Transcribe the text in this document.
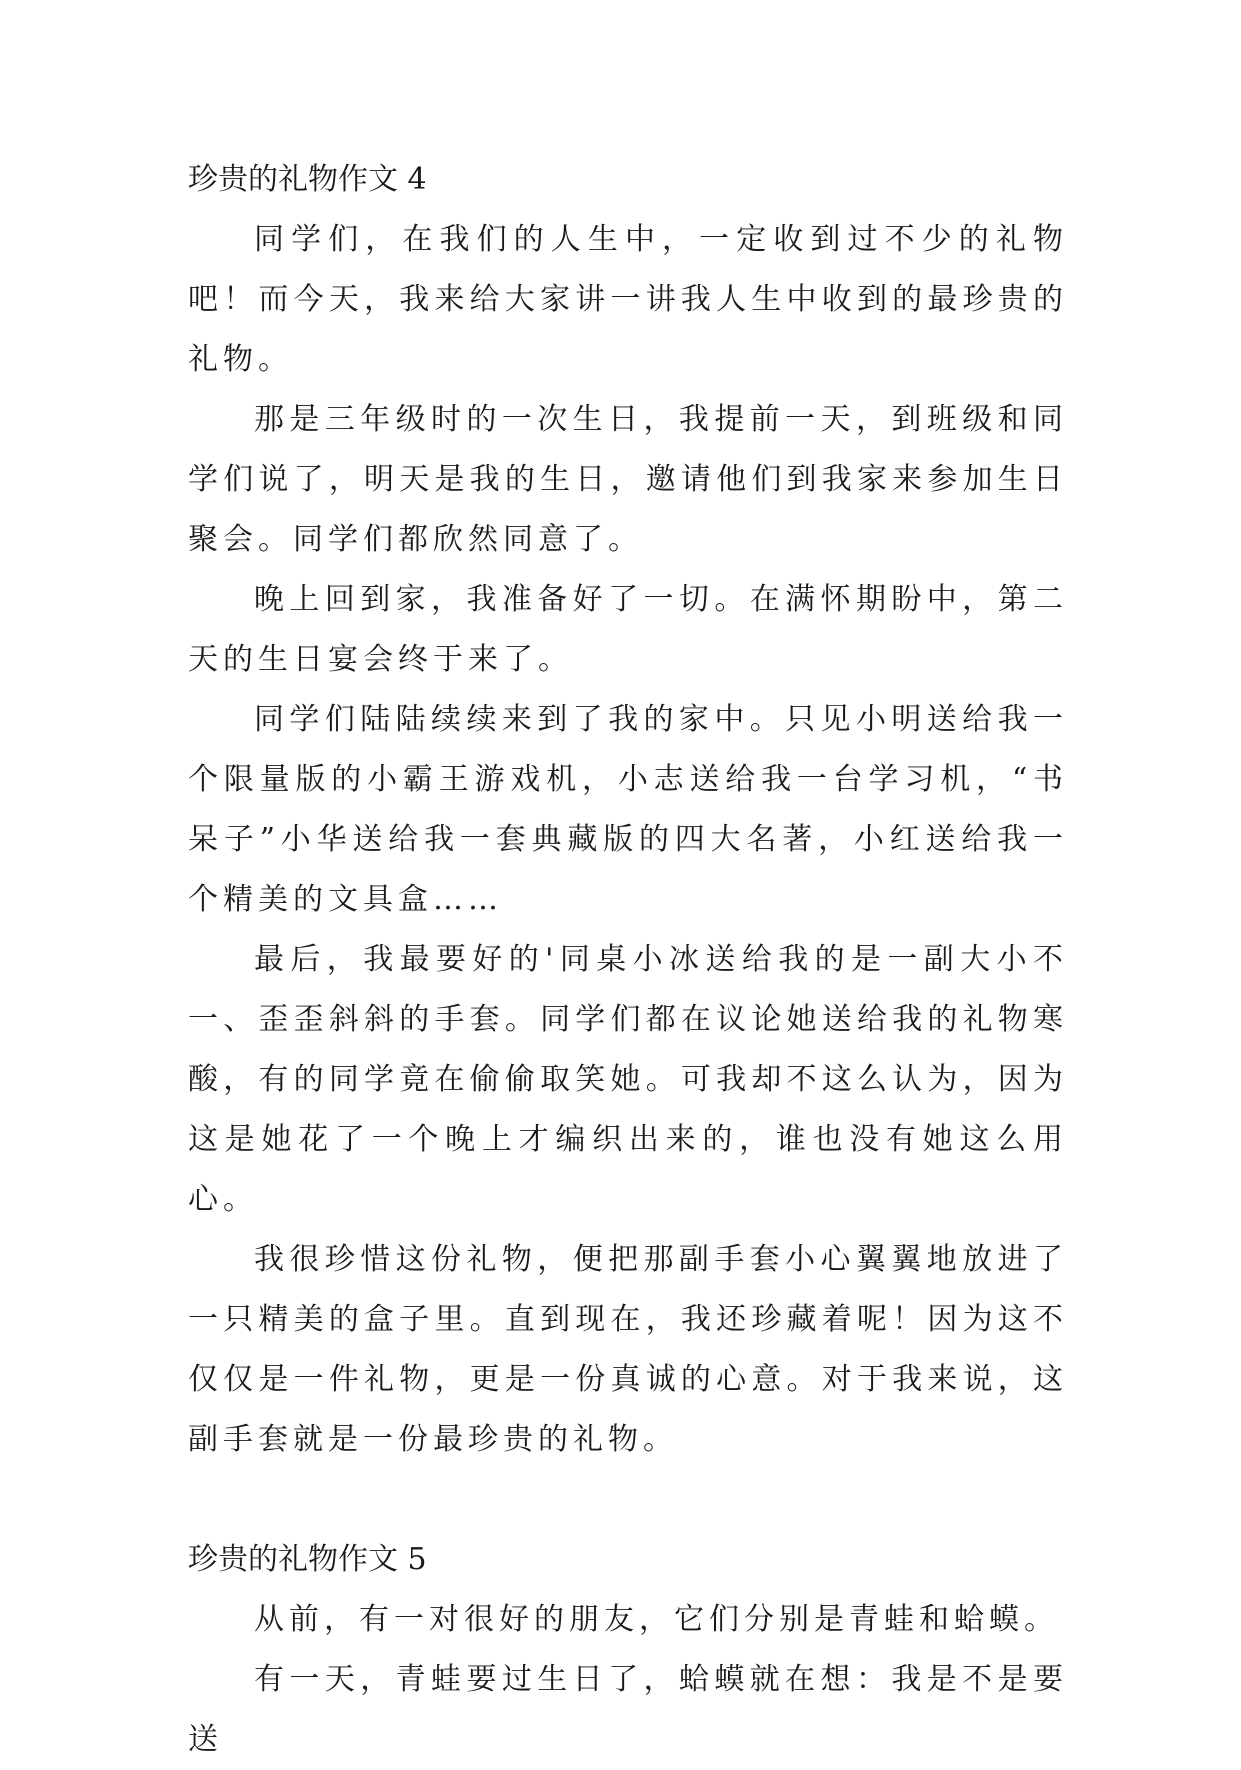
珍贵的礼物作文 4

同学们，在我们的人生中，一定收到过不少的礼物吧！而今天，我来给大家讲一讲我人生中收到的最珍贵的礼物。

那是三年级时的一次生日，我提前一天，到班级和同学们说了，明天是我的生日，邀请他们到我家来参加生日聚会。同学们都欣然同意了。

晚上回到家，我准备好了一切。在满怀期盼中，第二天的生日宴会终于来了。

同学们陆陆续续来到了我的家中。只见小明送给我一个限量版的小霸王游戏机，小志送给我一台学习机，“书呆子”小华送给我一套典藏版的四大名著，小红送给我一个精美的文具盒……

最后，我最要好的'同桌小冰送给我的是一副大小不一、歪歪斜斜的手套。同学们都在议论她送给我的礼物寒酸，有的同学竟在偷偷取笑她。可我却不这么认为，因为这是她花了一个晚上才编织出来的，谁也没有她这么用心。

我很珍惜这份礼物，便把那副手套小心翼翼地放进了一只精美的盒子里。直到现在，我还珍藏着呢！因为这不仅仅是一件礼物，更是一份真诚的心意。对于我来说，这副手套就是一份最珍贵的礼物。

珍贵的礼物作文 5

从前，有一对很好的朋友，它们分别是青蛙和蛤蟆。

有一天，青蛙要过生日了，蛤蟆就在想：我是不是要送
